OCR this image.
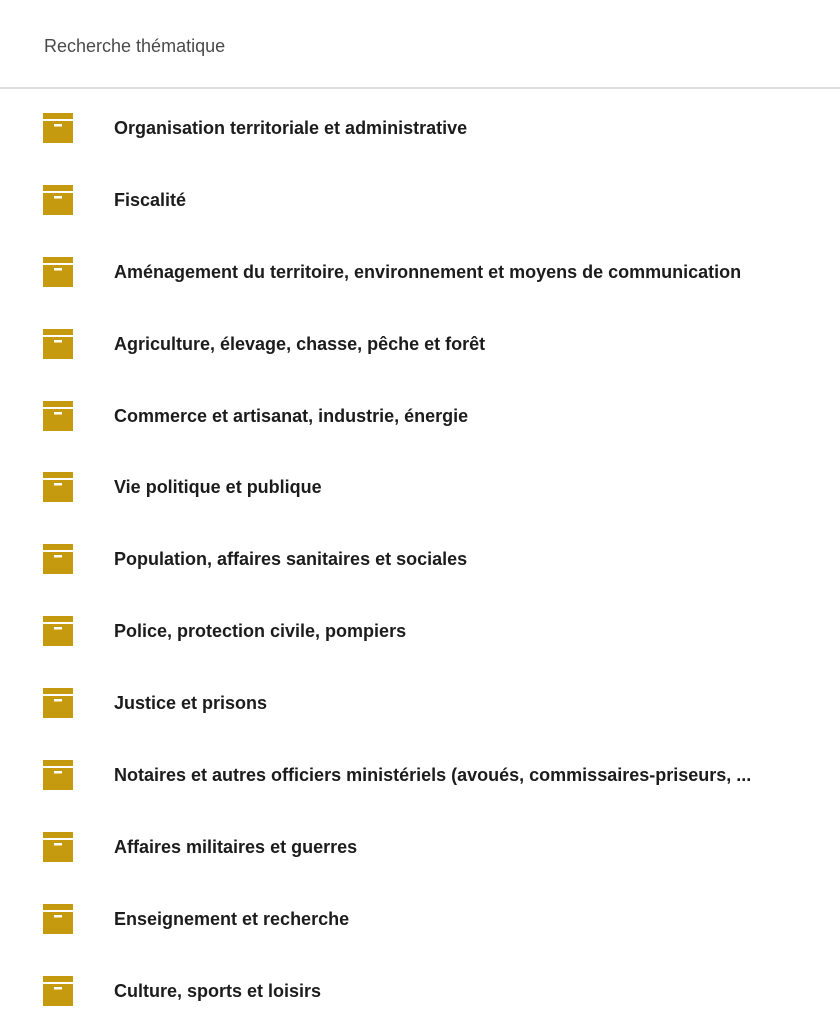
Recherche thématique
Organisation territoriale et administrative
Fiscalité
Aménagement du territoire, environnement et moyens de communication
Agriculture, élevage, chasse, pêche et forêt
Commerce et artisanat, industrie, énergie
Vie politique et publique
Population, affaires sanitaires et sociales
Police, protection civile, pompiers
Justice et prisons
Notaires et autres officiers ministériels (avoués, commissaires-priseurs, ...
Affaires militaires et guerres
Enseignement et recherche
Culture, sports et loisirs
